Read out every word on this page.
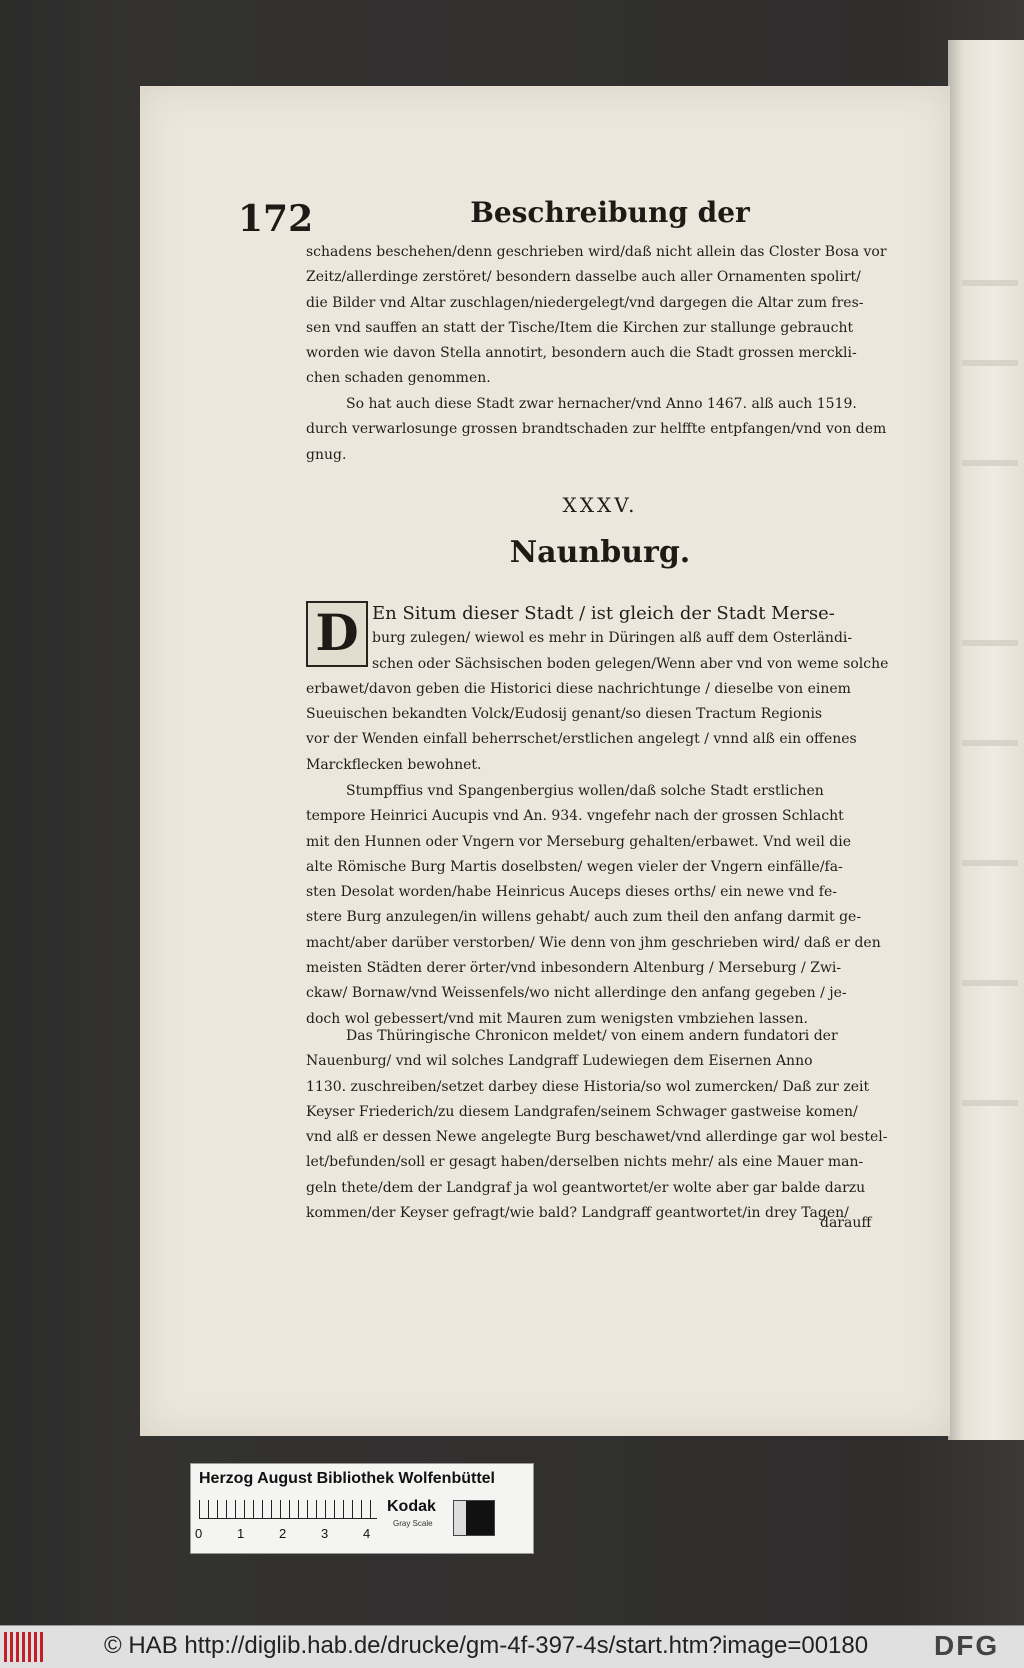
172	Beschreibung der
schadens beschehen/denn geschrieben wird/daß nicht allein das Closter Bosa vor
Zeitz/allerdinge zerstöret/ besondern dasselbe auch aller Ornamenten spolirt/
die Bilder vnd Altar zuschlagen/niedergelegt/vnd dargegen die Altar zum fres-
sen vnd sauffen an statt der Tische/Item die Kirchen zur stallunge gebraucht
worden wie davon Stella annotirt, besondern auch die Stadt grossen merckli-
chen schaden genommen.
So hat auch diese Stadt zwar hernacher/vnd Anno 1467. alß auch 1519.
durch verwarlosunge grossen brandtschaden zur helffte entpfangen/vnd von dem
gnug.
XXXV.
Naunburg.
D En Situm dieser Stadt / ist gleich der Stadt Merse-
burg zulegen/ wiewol es mehr in Düringen alß auff dem Osterländi-
schen oder Sächsischen boden gelegen/Wenn aber vnd von weme solche
erbawet/davon geben die Historici diese nachrichtunge / dieselbe von einem
Sueuischen bekandten Volck/Eudosij genant/so diesen Tractum Regionis
vor der Wenden einfall beherrschet/erstlichen angelegt / vnnd alß ein offenes
Marckflecken bewohnet.
Stumpffius vnd Spangenbergius wollen/daß solche Stadt erstlichen
tempore Heinrici Aucupis vnd An. 934. vngefehr nach der grossen Schlacht
mit den Hunnen oder Vngern vor Merseburg gehalten/erbawet. Vnd weil die
alte Römische Burg Martis doselbsten/ wegen vieler der Vngern einfälle/fa-
sten Desolat worden/habe Heinricus Auceps dieses orths/ ein newe vnd fe-
stere Burg anzulegen/in willens gehabt/ auch zum theil den anfang darmit ge-
macht/aber darüber verstorben/ Wie denn von jhm geschrieben wird/ daß er den
meisten Städten derer örter/vnd inbesondern Altenburg / Merseburg / Zwi-
ckaw/ Bornaw/vnd Weissenfels/wo nicht allerdinge den anfang gegeben / je-
doch wol gebessert/vnd mit Mauren zum wenigsten vmbziehen lassen.
Das Thüringische Chronicon meldet/ von einem andern fundatori der
Nauenburg/ vnd wil solches Landgraff Ludewiegen dem Eisernen Anno
1130. zuschreiben/setzet darbey diese Historia/so wol zumercken/ Daß zur zeit
Keyser Friederich/zu diesem Landgrafen/seinem Schwager gastweise komen/
vnd alß er dessen Newe angelegte Burg beschawet/vnd allerdinge gar wol bestel-
let/befunden/soll er gesagt haben/derselben nichts mehr/ als eine Mauer man-
geln thete/dem der Landgraf ja wol geantwortet/er wolte aber gar balde darzu
kommen/der Keyser gefragt/wie bald? Landgraff geantwortet/in drey Tagen/
darauff
Herzog August Bibliothek Wolfenbüttel
0	1	2	3	4
Kodak
Gray Scale
© HAB http://diglib.hab.de/drucke/gm-4f-397-4s/start.htm?image=00180 DFG
